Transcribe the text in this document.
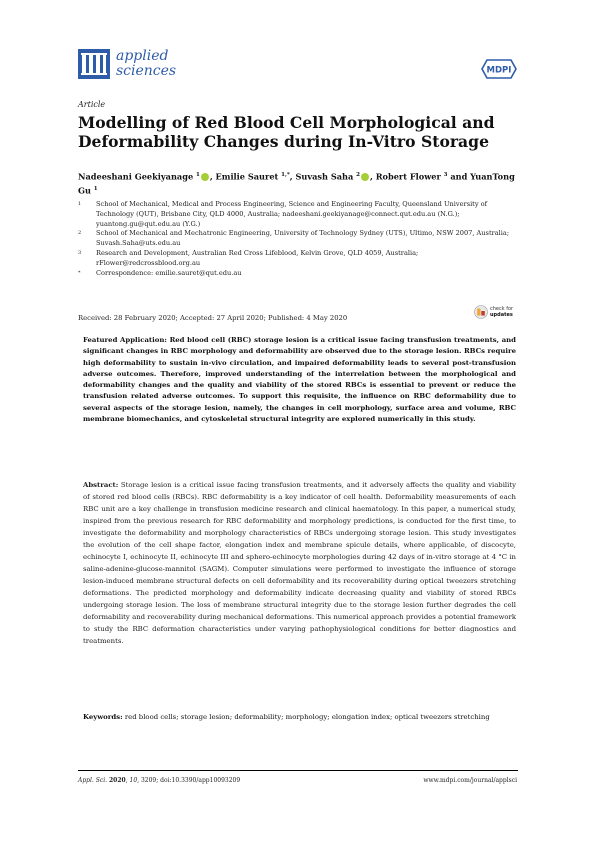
applied
sciences	MDPI
Article
Modelling of Red Blood Cell Morphological and Deformability Changes during In-Vitro Storage
Nadeeshani Geekiyanage $^1$ , Emilie Sauret $^{1,*}$, Suvash Saha $^2$ , Robert Flower $^3$ and YuanTong Gu $^1$
1	School of Mechanical, Medical and Process Engineering, Science and Engineering Faculty, Queensland University of Technology (QUT), Brisbane City, QLD 4000, Australia; nadeeshani.geekiyanage@connect.qut.edu.au (N.G.); yuantong.gu@qut.edu.au (Y.G.)
2	School of Mechanical and Mechatronic Engineering, University of Technology Sydney (UTS), Ultimo, NSW 2007, Australia; Suvash.Saha@uts.edu.au
3	Research and Development, Australian Red Cross Lifeblood, Kelvin Grove, QLD 4059, Australia; rFlower@redcrossblood.org.au
*	Correspondence: emilie.sauret@qut.edu.au
check for
updates
Received: 28 February 2020; Accepted: 27 April 2020; Published: 4 May 2020
Featured Application: Red blood cell (RBC) storage lesion is a critical issue facing transfusion treatments, and significant changes in RBC morphology and deformability are observed due to the storage lesion. RBCs require high deformability to sustain in-vivo circulation, and impaired deformability leads to several post-transfusion adverse outcomes. Therefore, improved understanding of the interrelation between the morphological and deformability changes and the quality and viability of the stored RBCs is essential to prevent or reduce the transfusion related adverse outcomes. To support this requisite, the influence on RBC deformability due to several aspects of the storage lesion, namely, the changes in cell morphology, surface area and volume, RBC membrane biomechanics, and cytoskeletal structural integrity are explored numerically in this study.
Abstract: Storage lesion is a critical issue facing transfusion treatments, and it adversely affects the quality and viability of stored red blood cells (RBCs). RBC deformability is a key indicator of cell health. Deformability measurements of each RBC unit are a key challenge in transfusion medicine research and clinical haematology. In this paper, a numerical study, inspired from the previous research for RBC deformability and morphology predictions, is conducted for the first time, to investigate the deformability and morphology characteristics of RBCs undergoing storage lesion. This study investigates the evolution of the cell shape factor, elongation index and membrane spicule details, where applicable, of discocyte, echinocyte I, echinocyte II, echinocyte III and sphero-echinocyte morphologies during 42 days of in-vitro storage at 4 °C in saline-adenine-glucose-mannitol (SAGM). Computer simulations were performed to investigate the influence of storage lesion-induced membrane structural defects on cell deformability and its recoverability during optical tweezers stretching deformations. The predicted morphology and deformability indicate decreasing quality and viability of stored RBCs undergoing storage lesion. The loss of membrane structural integrity due to the storage lesion further degrades the cell deformability and recoverability during mechanical deformations. This numerical approach provides a potential framework to study the RBC deformation characteristics under varying pathophysiological conditions for better diagnostics and treatments.
Keywords: red blood cells; storage lesion; deformability; morphology; elongation index; optical tweezers stretching
Appl. Sci. 2020, 10, 3209; doi:10.3390/app10093209	www.mdpi.com/journal/applsci
